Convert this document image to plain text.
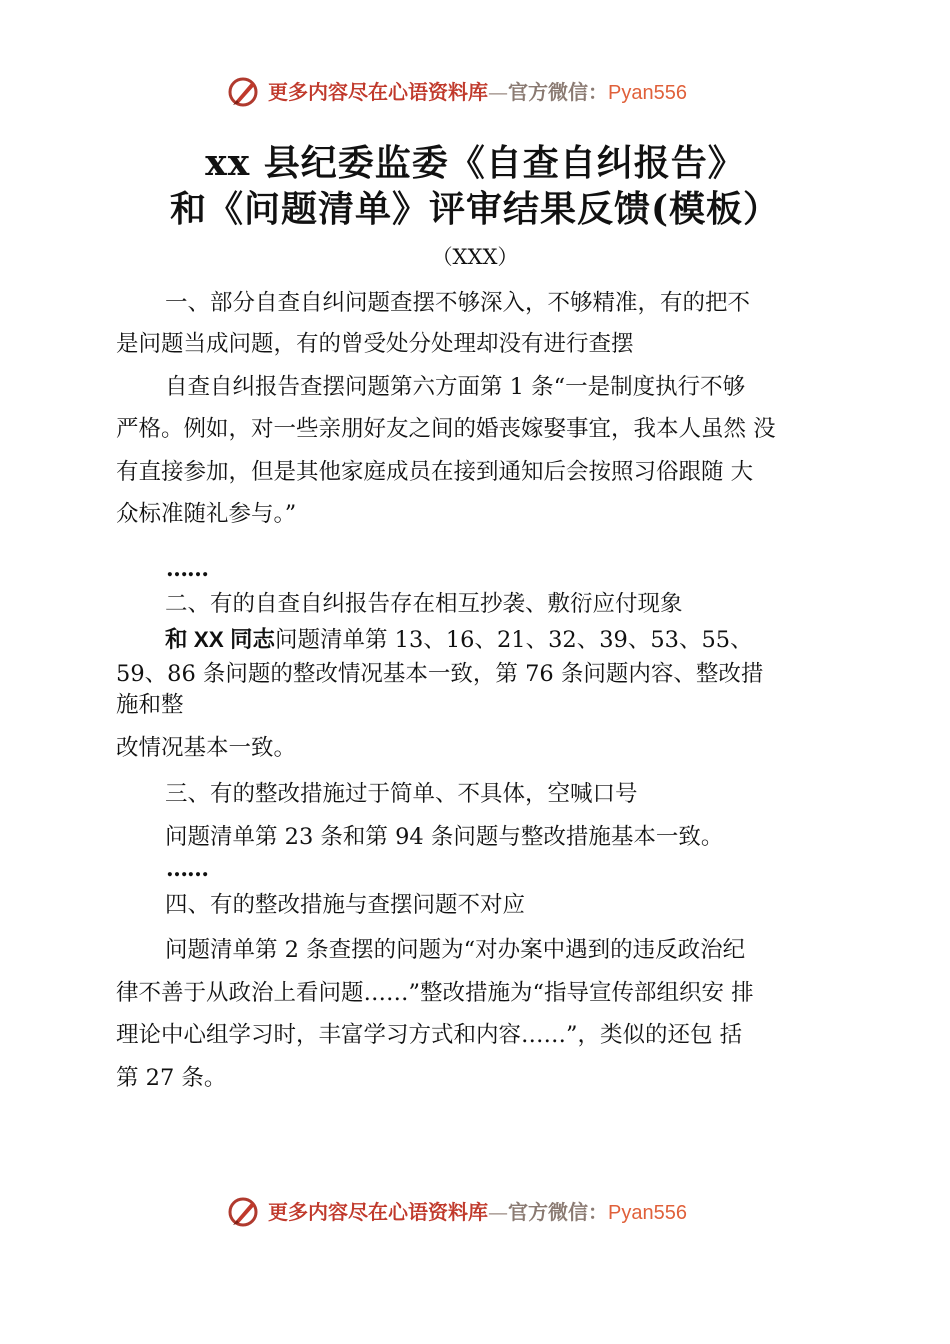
更多内容尽在心语资料库—官方微信：Pyan556
xx 县纪委监委《自查自纠报告》
和《问题清单》评审结果反馈(模板）
（XXX）
一、部分自查自纠问题查摆不够深入，不够精准，有的把不
是问题当成问题，有的曾受处分处理却没有进行查摆
自查自纠报告查摆问题第六方面第 1 条“一是制度执行不够
严格。例如，对一些亲朋好友之间的婚丧嫁娶事宜，我本人虽然 没
有直接参加，但是其他家庭成员在接到通知后会按照习俗跟随 大
众标准随礼参与。”
……
二、有的自查自纠报告存在相互抄袭、敷衍应付现象
和 XX 同志问题清单第 13、16、21、32、39、53、55、
59、86 条问题的整改情况基本一致，第 76 条问题内容、整改措
施和整
改情况基本一致。
三、有的整改措施过于简单、不具体，空喊口号
问题清单第 23 条和第 94 条问题与整改措施基本一致。
……
四、有的整改措施与查摆问题不对应
问题清单第 2 条查摆的问题为“对办案中遇到的违反政治纪
律不善于从政治上看问题……”整改措施为“指导宣传部组织安 排
理论中心组学习时，丰富学习方式和内容……”，类似的还包 括
第 27 条。
更多内容尽在心语资料库—官方微信：Pyan556
